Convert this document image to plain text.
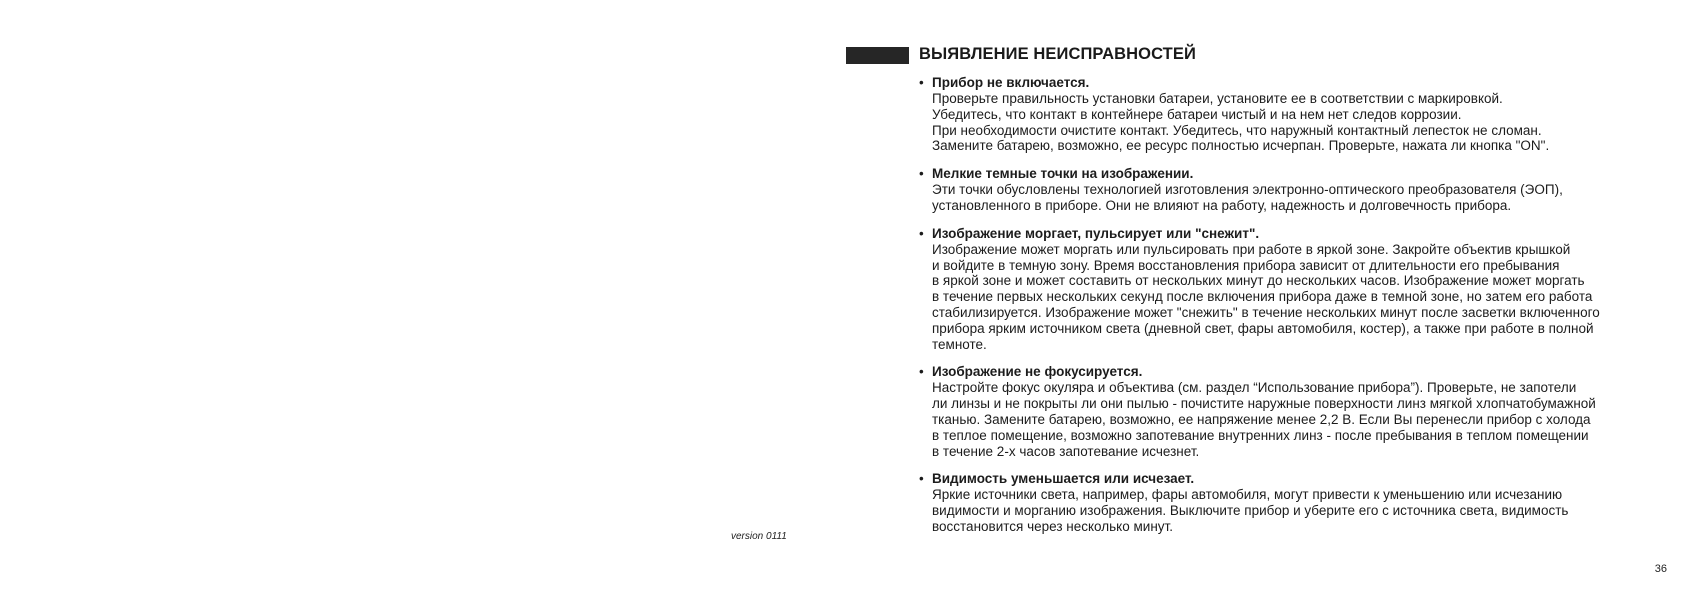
version 0111
ВЫЯВЛЕНИЕ НЕИСПРАВНОСТЕЙ
• Прибор не включается.
Проверьте правильность установки батареи, установите ее в соответствии с маркировкой.
Убедитесь, что контакт в контейнере батареи чистый и на нем нет следов коррозии.
При необходимости очистите контакт. Убедитесь, что наружный контактный лепесток не сломан.
Замените батарею, возможно, ее ресурс полностью исчерпан. Проверьте, нажата ли кнопка "ON".
• Мелкие темные точки на изображении.
Эти точки обусловлены технологией изготовления электронно-оптического преобразователя (ЭОП),
установленного в приборе. Они не влияют на работу, надежность и долговечность прибора.
• Изображение моргает, пульсирует или "снежит".
Изображение может моргать или пульсировать при работе в яркой зоне. Закройте объектив крышкой
и войдите в темную зону. Время восстановления прибора зависит от длительности его пребывания
в яркой зоне и может составить от нескольких минут до нескольких часов. Изображение может моргать
в течение первых нескольких секунд после включения прибора даже в темной зоне, но затем его работа
стабилизируется. Изображение может "снежить" в течение нескольких минут после засветки включенного
прибора ярким источником света (дневной свет, фары автомобиля, костер), а также при работе в полной
темноте.
• Изображение не фокусируется.
Настройте фокус окуляра и объектива (см. раздел “Использование прибора”). Проверьте, не запотели
ли линзы и не покрыты ли они пылью - почистите наружные поверхности линз мягкой хлопчатобумажной
тканью. Замените батарею, возможно, ее напряжение менее 2,2 В. Если Вы перенесли прибор с холода
в теплое помещение, возможно запотевание внутренних линз - после пребывания в теплом помещении
в течение 2-х часов запотевание исчезнет.
• Видимость уменьшается или исчезает.
Яркие источники света, например, фары автомобиля, могут привести к уменьшению или исчезанию
видимости и морганию изображения. Выключите прибор и уберите его с источника света, видимость
восстановится через несколько минут.
36
